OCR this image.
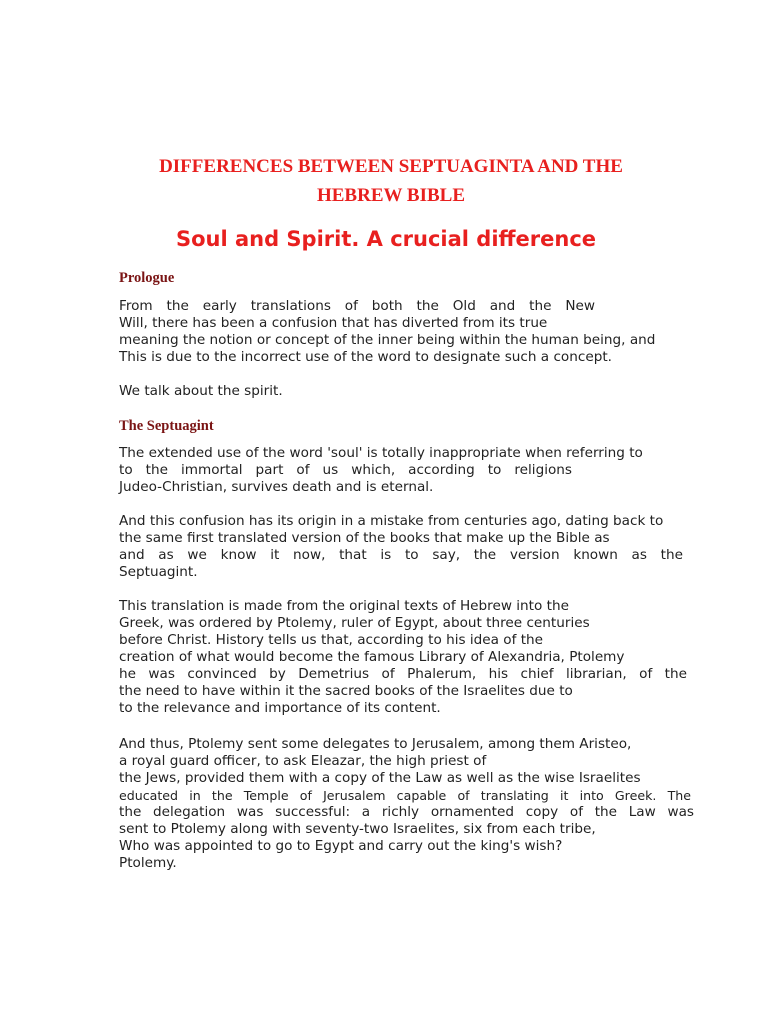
DIFFERENCES BETWEEN SEPTUAGINTA AND THE
HEBREW BIBLE
Soul and Spirit. A crucial difference
Prologue
From the early translations of both the Old and the New
Will, there has been a confusion that has diverted from its true
meaning the notion or concept of the inner being within the human being, and
This is due to the incorrect use of the word to designate such a concept.
We talk about the spirit.
The Septuagint
The extended use of the word 'soul' is totally inappropriate when referring to
to the immortal part of us which, according to religions
Judeo-Christian, survives death and is eternal.
And this confusion has its origin in a mistake from centuries ago, dating back to
the same first translated version of the books that make up the Bible as
and as we know it now, that is to say, the version known as the
Septuagint.
This translation is made from the original texts of Hebrew into the
Greek, was ordered by Ptolemy, ruler of Egypt, about three centuries
before Christ. History tells us that, according to his idea of the
creation of what would become the famous Library of Alexandria, Ptolemy
he was convinced by Demetrius of Phalerum, his chief librarian, of the
the need to have within it the sacred books of the Israelites due to
to the relevance and importance of its content.
And thus, Ptolemy sent some delegates to Jerusalem, among them Aristeo,
a royal guard officer, to ask Eleazar, the high priest of
the Jews, provided them with a copy of the Law as well as the wise Israelites
educated in the Temple of Jerusalem capable of translating it into Greek. The
the delegation was successful: a richly ornamented copy of the Law was
sent to Ptolemy along with seventy-two Israelites, six from each tribe,
Who was appointed to go to Egypt and carry out the king's wish?
Ptolemy.
